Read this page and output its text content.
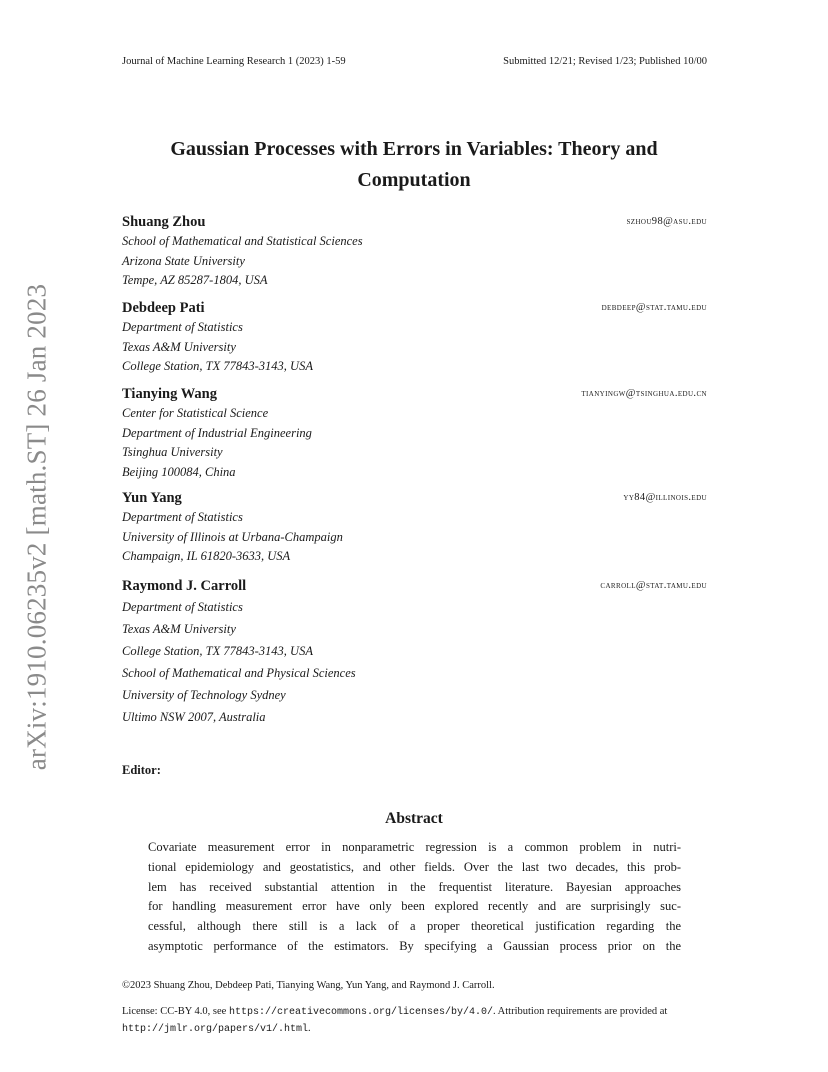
Journal of Machine Learning Research 1 (2023) 1-59	Submitted 12/21; Revised 1/23; Published 10/00
Gaussian Processes with Errors in Variables: Theory and
Computation
Shuang Zhou	szhou98@asu.edu
School of Mathematical and Statistical Sciences
Arizona State University
Tempe, AZ 85287-1804, USA
Debdeep Pati	debdeep@stat.tamu.edu
Department of Statistics
Texas A&M University
College Station, TX 77843-3143, USA
Tianying Wang	tianyingw@tsinghua.edu.cn
Center for Statistical Science
Department of Industrial Engineering
Tsinghua University
Beijing 100084, China
Yun Yang	yy84@illinois.edu
Department of Statistics
University of Illinois at Urbana-Champaign
Champaign, IL 61820-3633, USA
Raymond J. Carroll	carroll@stat.tamu.edu
Department of Statistics
Texas A&M University
College Station, TX 77843-3143, USA
School of Mathematical and Physical Sciences
University of Technology Sydney
Ultimo NSW 2007, Australia
Editor:
Abstract
Covariate measurement error in nonparametric regression is a common problem in nutri-
tional epidemiology and geostatistics, and other fields. Over the last two decades, this prob-
lem has received substantial attention in the frequentist literature. Bayesian approaches
for handling measurement error have only been explored recently and are surprisingly suc-
cessful, although there still is a lack of a proper theoretical justification regarding the
asymptotic performance of the estimators. By specifying a Gaussian process prior on the
©2023 Shuang Zhou, Debdeep Pati, Tianying Wang, Yun Yang, and Raymond J. Carroll.
License: CC-BY 4.0, see https://creativecommons.org/licenses/by/4.0/. Attribution requirements are provided at http://jmlr.org/papers/v1/.html.
arXiv:1910.06235v2 [math.ST] 26 Jan 2023
